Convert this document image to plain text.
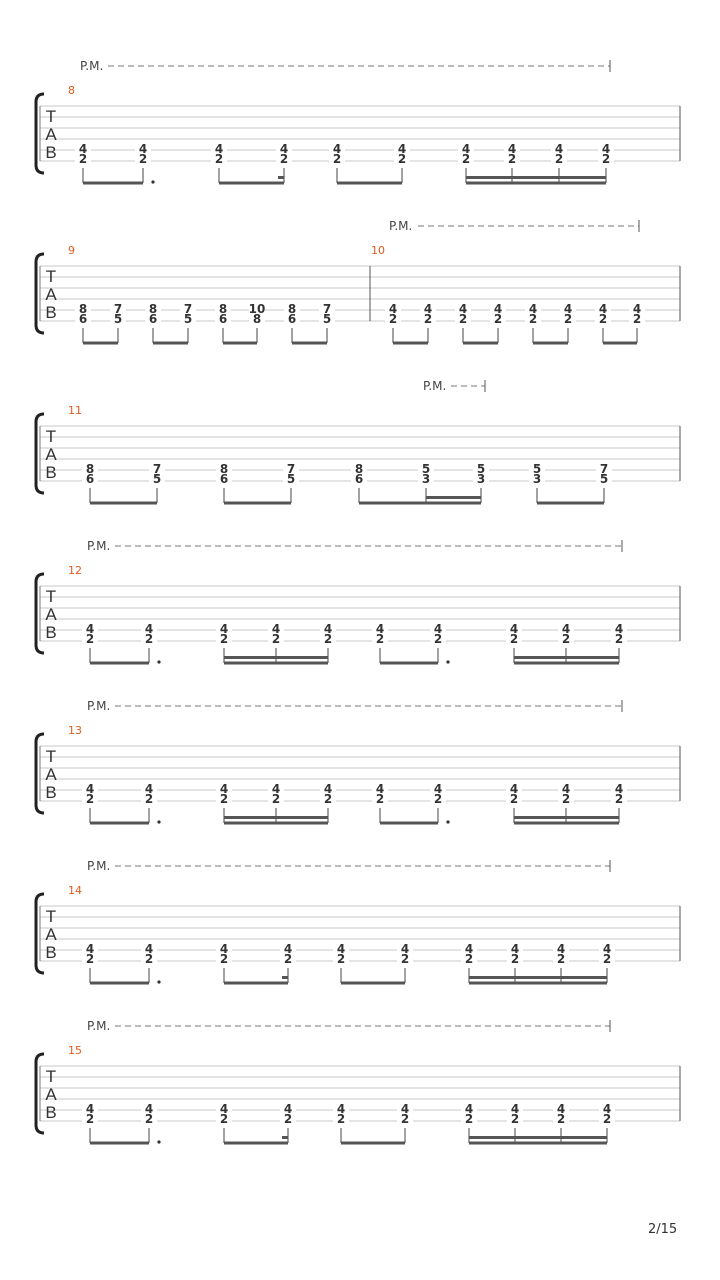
T
A
B
P.M.
8
4
2
4
2
4
2
4
2
4
2
4
2
4
2
4
2
4
2
4
2
T
A
B
P.M.
9
8
6
7
5
8
6
7
5
8
6
10
8
8
6
7
5
10
4
2
4
2
4
2
4
2
4
2
4
2
4
2
4
2
T
A
B
P.M.
11
8
6
7
5
8
6
7
5
8
6
5
3
5
3
5
3
7
5
T
A
B
P.M.
12
4
2
4
2
4
2
4
2
4
2
4
2
4
2
4
2
4
2
4
2
T
A
B
P.M.
13
4
2
4
2
4
2
4
2
4
2
4
2
4
2
4
2
4
2
4
2
T
A
B
P.M.
14
4
2
4
2
4
2
4
2
4
2
4
2
4
2
4
2
4
2
4
2
T
A
B
P.M.
15
4
2
4
2
4
2
4
2
4
2
4
2
4
2
4
2
4
2
4
2
2/15
